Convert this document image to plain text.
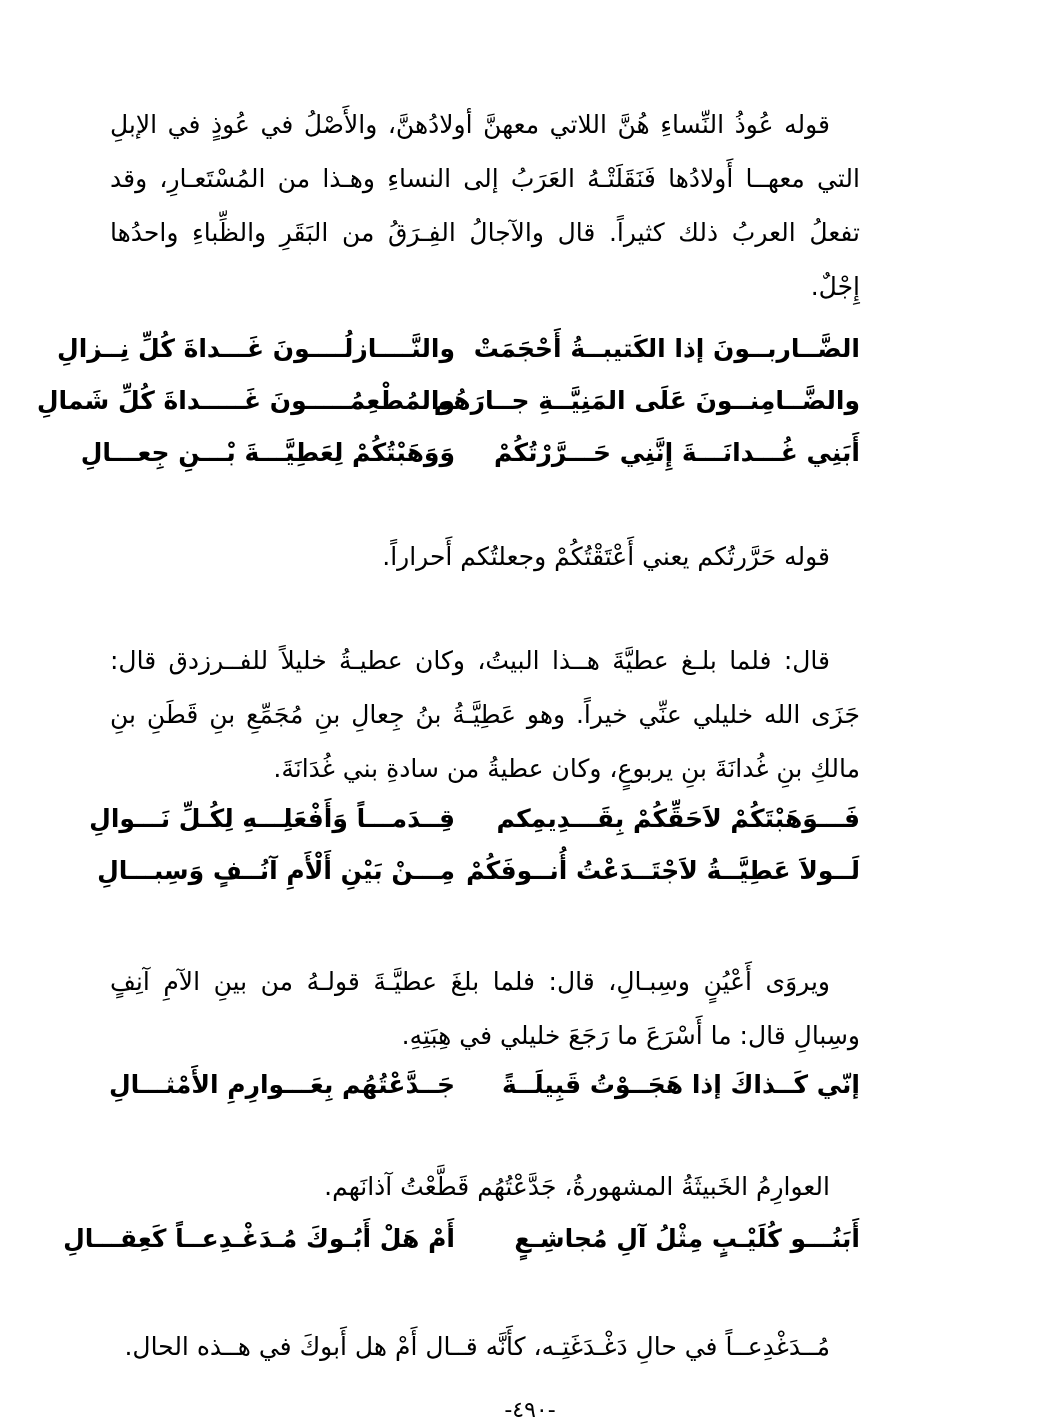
قوله عُوذُ النِّساءِ هُنَّ اللاتي معهنَّ أولادُهنَّ، والأَصْلُ في عُوذٍ في الإبلِ التي معهــا أَولادُها فَنَقَلَتْـهُ العَرَبُ إلى النساءِ وهـذا من المُسْتَعـارِ، وقد تفعلُ العربُ ذلك كثيراً. قال والآجالُ الفِـرَقُ من البَقَرِ والظِّباءِ واحدُها إِجْلٌ.

الضَّــاربــونَ إذا الكَتيبــةُ أَحْجَمَتْ
والنَّــــازلُــــونَ غَـــداةَ كُلِّ نِــزالِ
والضَّــامِنــونَ عَلَى المَنِيَّــةِ جــارَهُم
والمُطْعِمُـــــونَ غَـــــداةَ كُلِّ شَمالِ
أَبَنِي غُـــدانَـــةَ إِنَّنِي حَـــرَّرْتُكُمْ
وَوَهَبْتُكُمْ لِعَطِيَّـــةَ بْـــنِ جِعـــالِ

قوله حَرَّرتُكم يعني أَعْتَقْتُكُمْ وجعلتُكم أَحراراً.

قال: فلما بلـغ عطيَّةَ هــذا البيتُ، وكان عطيـةُ خليلاً للفــرزدق قال: جَزَى الله خليلي عنِّي خيراً. وهو عَطِيَّـةُ بنُ جِعالِ بنِ مُجَمِّعِ بنِ قَطَنِ بنِ مالكِ بنِ غُدانَةَ بنِ يربوعٍ، وكان عطيةُ من سادةِ بني غُدَانَةَ.

فَـــوَهَبْتَكُمْ لاَحَقِّكُمْ بِقَـــدِيمِكم
قِــدَمـــاً وَأَفْعَلِـــهِ لِكُـلِّ نَـــوالِ
لَــولاَ عَطِيَّــةُ لاَجْتَــدَعْتُ أُنــوفَكُمْ
مِـــنْ بَيْنِ أَلْأَمِ آنُــفٍ وَسِبـــالِ

ويروَى أَعْيُنٍ وسِبـالِ، قال: فلما بلغَ عطيَّـةَ قولـهُ من بينِ الآمِ آنِفٍ وسِبالِ قال: ما أَسْرَعَ ما رَجَعَ خليلي في هِبَتِهِ.

إنّي كَــذاكَ إذا هَجَــوْتُ قَبِيلَــةً
جَــدَّعْتُهُم بِعَـــوارِمِ الأَمْثـــالِ

العوارِمُ الخَبيثَةُ المشهورةُ، جَدَّعْتُهُم قَطَّعْتُ آذانَهم.

أَبَنُـــو كُلَيْـبٍ مِثْلُ آلِ مُجاشِـعٍ
أَمْ هَلْ أَبُـوكَ مُـدَغْـدِعــاً كَعِقـــالِ

مُــدَغْدِعــاً في حالِ دَغْـدَغَتِـه، كأَنَّه قــال أَمْ هل أَبوكَ في هــذه الحال.

-٤٩٠-
